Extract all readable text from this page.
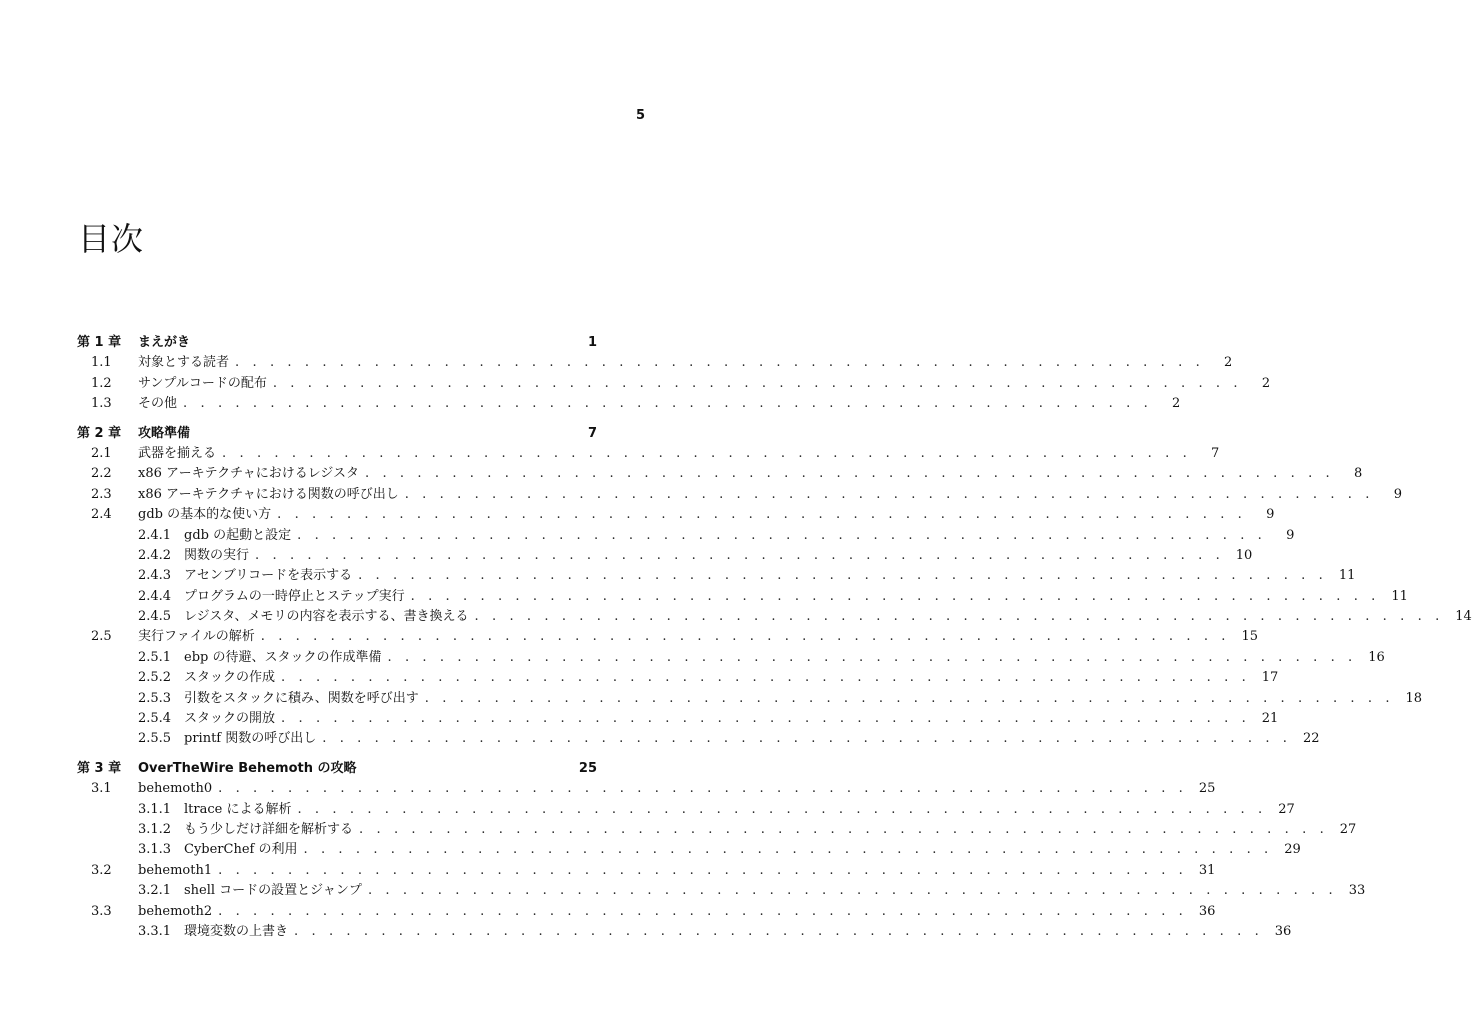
5
目次
第 1 章 まえがき	1
1.1 対象とする読者 . . . . . . . . . . . . . . . . . . . . . . . . . . . . . . . . . . . . . . . . . . . . . . . . . . . . . . . .	2
1.2 サンプルコードの配布 . . . . . . . . . . . . . . . . . . . . . . . . . . . . . . . . . . . . . . . . . . . . . . . . . . . . . . . .	2
1.3 その他 . . . . . . . . . . . . . . . . . . . . . . . . . . . . . . . . . . . . . . . . . . . . . . . . . . . . . . . .	2
第 2 章 攻略準備	7
2.1 武器を揃える . . . . . . . . . . . . . . . . . . . . . . . . . . . . . . . . . . . . . . . . . . . . . . . . . . . . . . . .	7
2.2 x86 アーキテクチャにおけるレジスタ . . . . . . . . . . . . . . . . . . . . . . . . . . . . . . . . . . . . . . . . . . . . . . . . . . . . . . . .	8
2.3 x86 アーキテクチャにおける関数の呼び出し . . . . . . . . . . . . . . . . . . . . . . . . . . . . . . . . . . . . . . . . . . . . . . . . . . . . . . . .	9
2.4 gdb の基本的な使い方 . . . . . . . . . . . . . . . . . . . . . . . . . . . . . . . . . . . . . . . . . . . . . . . . . . . . . . . .	9
2.4.1 gdb の起動と設定 . . . . . . . . . . . . . . . . . . . . . . . . . . . . . . . . . . . . . . . . . . . . . . . . . . . . . . . .	9
2.4.2 関数の実行 . . . . . . . . . . . . . . . . . . . . . . . . . . . . . . . . . . . . . . . . . . . . . . . . . . . . . . . . 10
2.4.3 アセンブリコードを表示する . . . . . . . . . . . . . . . . . . . . . . . . . . . . . . . . . . . . . . . . . . . . . . . . . . . . . . . . 11
2.4.4 プログラムの一時停止とステップ実行 . . . . . . . . . . . . . . . . . . . . . . . . . . . . . . . . . . . . . . . . . . . . . . . . . . . . . . . . 11
2.4.5 レジスタ、メモリの内容を表示する、書き換える . . . . . . . . . . . . . . . . . . . . . . . . . . . . . . . . . . . . . . . . . . . . . . . . . . . . . . . . 14
2.5 実行ファイルの解析 . . . . . . . . . . . . . . . . . . . . . . . . . . . . . . . . . . . . . . . . . . . . . . . . . . . . . . . . 15
2.5.1 ebp の待避、スタックの作成準備 . . . . . . . . . . . . . . . . . . . . . . . . . . . . . . . . . . . . . . . . . . . . . . . . . . . . . . . . 16
2.5.2 スタックの作成 . . . . . . . . . . . . . . . . . . . . . . . . . . . . . . . . . . . . . . . . . . . . . . . . . . . . . . . . 17
2.5.3 引数をスタックに積み、関数を呼び出す . . . . . . . . . . . . . . . . . . . . . . . . . . . . . . . . . . . . . . . . . . . . . . . . . . . . . . . . 18
2.5.4 スタックの開放 . . . . . . . . . . . . . . . . . . . . . . . . . . . . . . . . . . . . . . . . . . . . . . . . . . . . . . . . 21
2.5.5 printf 関数の呼び出し . . . . . . . . . . . . . . . . . . . . . . . . . . . . . . . . . . . . . . . . . . . . . . . . . . . . . . . . 22
第 3 章 OverTheWire Behemoth の攻略	25
3.1 behemoth0 . . . . . . . . . . . . . . . . . . . . . . . . . . . . . . . . . . . . . . . . . . . . . . . . . . . . . . . . 25
3.1.1 ltrace による解析 . . . . . . . . . . . . . . . . . . . . . . . . . . . . . . . . . . . . . . . . . . . . . . . . . . . . . . . . 27
3.1.2 もう少しだけ詳細を解析する . . . . . . . . . . . . . . . . . . . . . . . . . . . . . . . . . . . . . . . . . . . . . . . . . . . . . . . . 27
3.1.3 CyberChef の利用 . . . . . . . . . . . . . . . . . . . . . . . . . . . . . . . . . . . . . . . . . . . . . . . . . . . . . . . . 29
3.2 behemoth1 . . . . . . . . . . . . . . . . . . . . . . . . . . . . . . . . . . . . . . . . . . . . . . . . . . . . . . . . 31
3.2.1 shell コードの設置とジャンプ . . . . . . . . . . . . . . . . . . . . . . . . . . . . . . . . . . . . . . . . . . . . . . . . . . . . . . . . 33
3.3 behemoth2 . . . . . . . . . . . . . . . . . . . . . . . . . . . . . . . . . . . . . . . . . . . . . . . . . . . . . . . . 36
3.3.1 環境変数の上書き . . . . . . . . . . . . . . . . . . . . . . . . . . . . . . . . . . . . . . . . . . . . . . . . . . . . . . . . 36
